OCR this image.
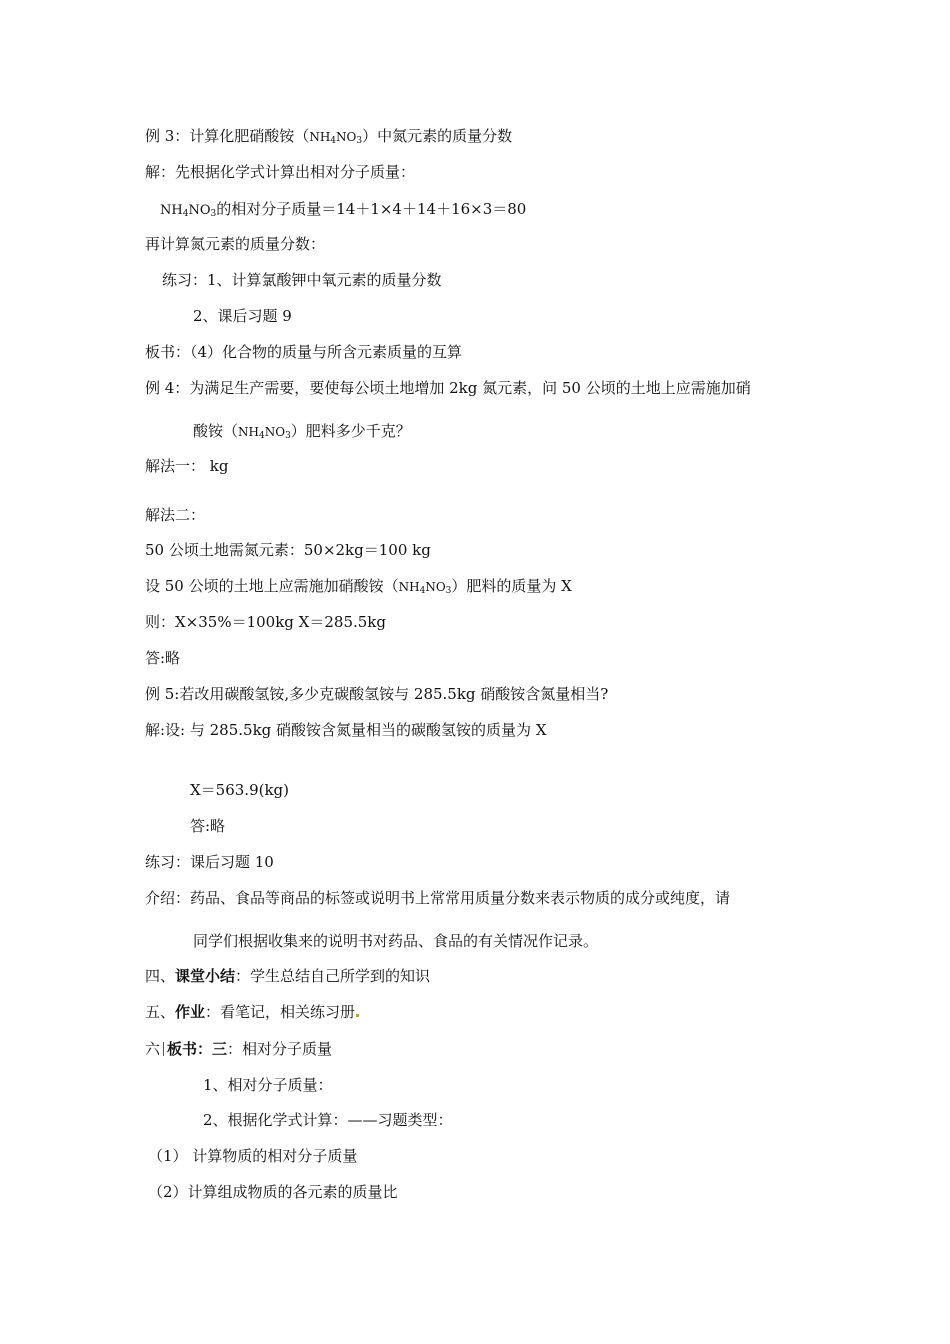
例 3：计算化肥硝酸铵$(NH_4NO_3)$中氮元素的质量分数
解：先根据化学式计算出相对分子质量：
$NH_4NO_3$的相对分子质量＝14＋1×4＋14＋16×3＝80
再计算氮元素的质量分数：
练习：1、计算氯酸钾中氧元素的质量分数
2、课后习题 9
板书：（4）化合物的质量与所含元素质量的互算
例 4：为满足生产需要，要使每公顷土地增加 2kg 氮元素，问 50 公顷的土地上应需施加硝
酸铵$(NH_4NO_3)$肥料多少千克？
解法一： kg
解法二：
50 公顷土地需氮元素：50×2kg＝100 kg
设 50 公顷的土地上应需施加硝酸铵$(NH_4NO_3)$肥料的质量为 X
则：X×35%＝100kg X＝285.5kg
答:略
例 5:若改用碳酸氢铵,多少克碳酸氢铵与 285.5kg 硝酸铵含氮量相当?
解:设: 与 285.5kg 硝酸铵含氮量相当的碳酸氢铵的质量为 X
X＝563.9(kg)
答:略
练习：课后习题 10
介绍：药品、食品等商品的标签或说明书上常常用质量分数来表示物质的成分或纯度，请
同学们根据收集来的说明书对药品、食品的有关情况作记录。
四、课堂小结：学生总结自己所学到的知识
五、作业：看笔记，相关练习册
六 板书：三：相对分子质量
1、相对分子质量：
2、根据化学式计算：——习题类型：
（1） 计算物质的相对分子质量
（2）计算组成物质的各元素的质量比
